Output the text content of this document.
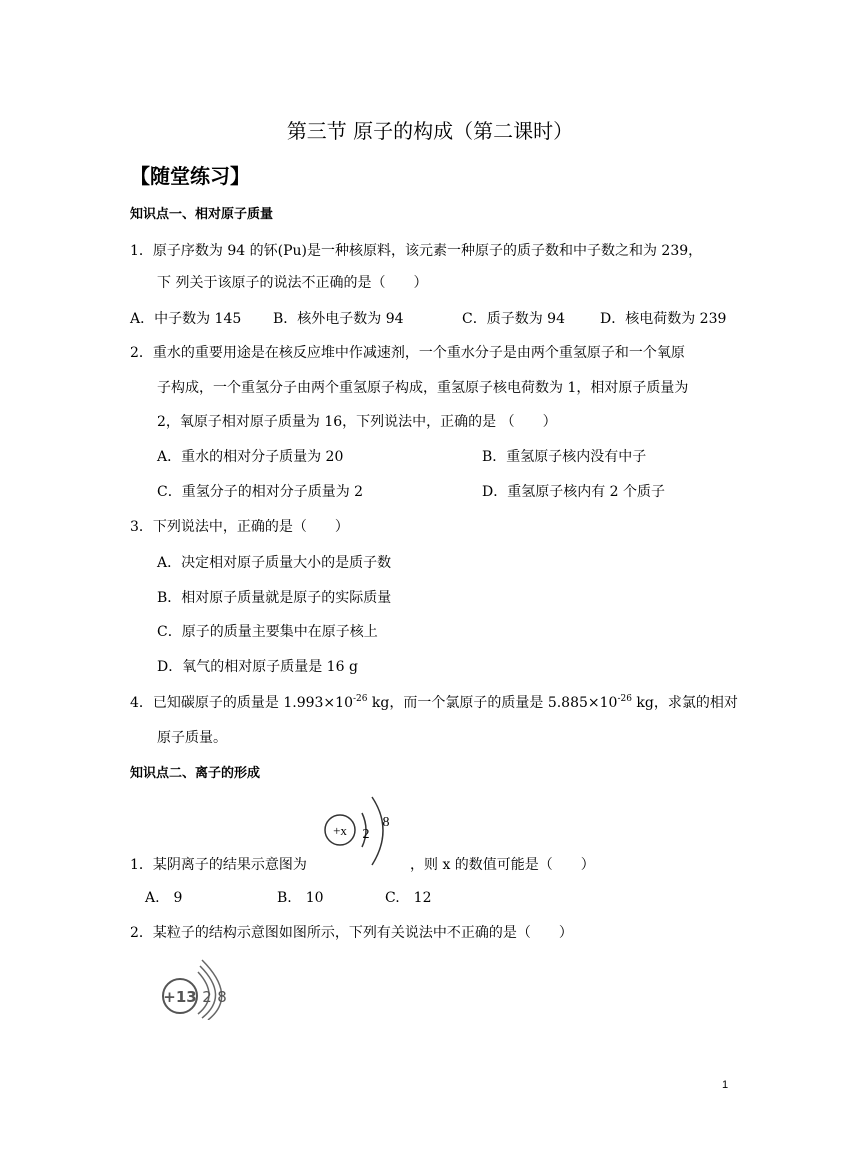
第三节 原子的构成（第二课时）
【随堂练习】
知识点一、相对原子质量
1．原子序数为 94 的钚(Pu)是一种核原料，该元素一种原子的质子数和中子数之和为 239，
下 列关于该原子的说法不正确的是（　　）
A．中子数为 145 B．核外电子数为 94	C．质子数为 94	D．核电荷数为 239
2．重水的重要用途是在核反应堆中作减速剂，一个重水分子是由两个重氢原子和一个氧原
子构成，一个重氢分子由两个重氢原子构成，重氢原子核电荷数为 1，相对原子质量为
2，氧原子相对原子质量为 16，下列说法中，正确的是 （　　）
A．重水的相对分子质量为 20	B．重氢原子核内没有中子
C．重氢分子的相对分子质量为 2	D．重氢原子核内有 2 个质子
3．下列说法中，正确的是（　　）
A．决定相对原子质量大小的是质子数
B．相对原子质量就是原子的实际质量
C．原子的质量主要集中在原子核上
D．氧气的相对原子质量是 16 g
4．已知碳原子的质量是 $1.993\times 10^{-26}$ kg，而一个氯原子的质量是 $5.885\times 10^{-26}$ kg，求氯的相对
原子质量。
知识点二、离子的形成
+x 2
8
1．某阴离子的结果示意图为	，则 x 的数值可能是（　　）
A.　9	B.　10	C.　12
2．某粒子的结构示意图如图所示，下列有关说法中不正确的是（　　）
+13 2 8
1
